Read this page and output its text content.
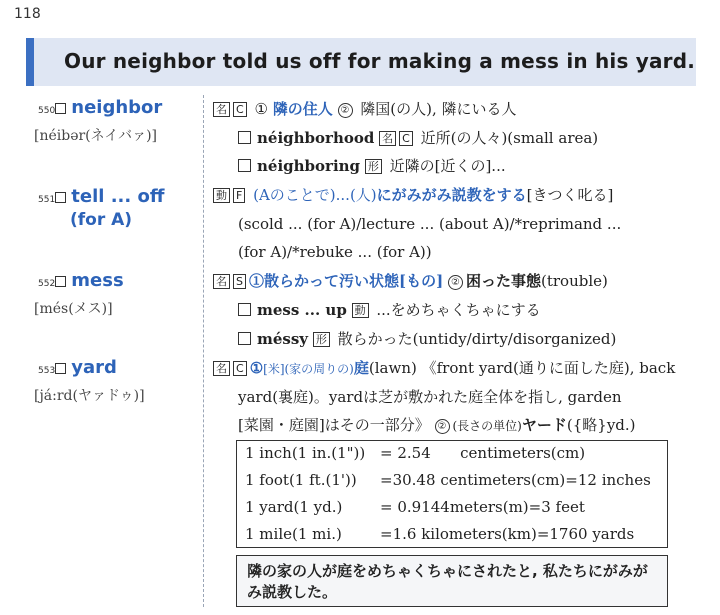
118
Our neighbor told us off for making a mess in his yard.
550 neighbor
[néibər(ネイバァ)]
名 C ① 隣の住人 ② 隣国(の人), 隣にいる人
néighborhood 名 C 近所(の人々)(small area)
néighboring 形 近隣の[近くの]...
551 tell ... off
(for A)
動 F (Aのことで)...(人)にがみがみ説教をする[きつく叱る]
(scold ... (for A)/lecture ... (about A)/*reprimand ...
(for A)/*rebuke ... (for A))
552 mess
[més(メス)]
名 S ①散らかって汚い状態[もの] ② 困った事態(trouble)
mess ... up 動 ...をめちゃくちゃにする
méssy 形 散らかった(untidy/dirty/disorganized)
553 yard
[já:rd(ヤァドゥ)]
名 C ①[米](家の周りの)庭(lawn) 《front yard(通りに面した庭), back
yard(裏庭)。yardは芝が敷かれた庭全体を指し, garden
[菜園・庭園]はその一部分》 ② (長さの単位)ヤード({略}yd.)
1 inch(1 in.(1")) = 2.54 centimeters(cm)
1 foot(1 ft.(1')) =30.48 centimeters(cm)=12 inches
1 yard(1 yd.)	= 0.9144meters(m)=3 feet
1 mile(1 mi.)	=1.6 kilometers(km)=1760 yards
隣の家の人が庭をめちゃくちゃにされたと, 私たちにがみがみ説教した。
